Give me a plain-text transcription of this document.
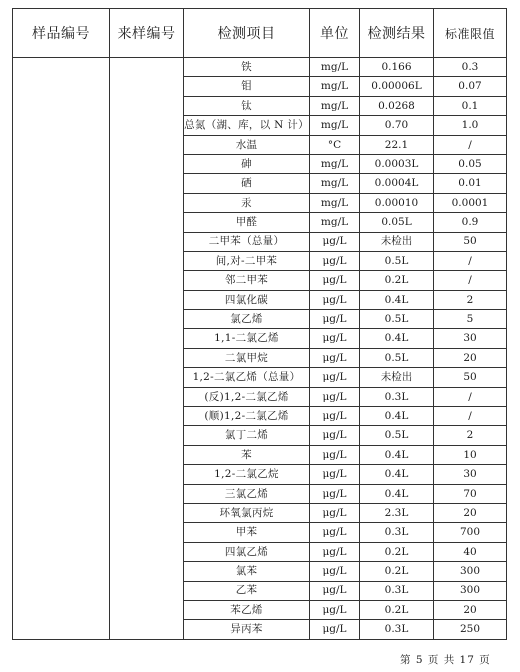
样品编号	来样编号	检测项目	单位	检测结果	标准限值
		铁	mg/L	0.166	0.3
		钼	mg/L	0.00006L	0.07
		钛	mg/L	0.0268	0.1
		总氮（湖、库，以 N 计）	mg/L	0.70	1.0
		水温	°C	22.1	/
		砷	mg/L	0.0003L	0.05
		硒	mg/L	0.0004L	0.01
		汞	mg/L	0.00010	0.0001
		甲醛	mg/L	0.05L	0.9
		二甲苯（总量）	μg/L	未检出	50
		间,对-二甲苯	μg/L	0.5L	/
		邻二甲苯	μg/L	0.2L	/
		四氯化碳	μg/L	0.4L	2
		氯乙烯	μg/L	0.5L	5
		1,1-二氯乙烯	μg/L	0.4L	30
		二氯甲烷	μg/L	0.5L	20
		1,2-二氯乙烯（总量）	μg/L	未检出	50
		(反)1,2-二氯乙烯	μg/L	0.3L	/
		(顺)1,2-二氯乙烯	μg/L	0.4L	/
		氯丁二烯	μg/L	0.5L	2
		苯	μg/L	0.4L	10
		1,2-二氯乙烷	μg/L	0.4L	30
		三氯乙烯	μg/L	0.4L	70
		环氧氯丙烷	μg/L	2.3L	20
		甲苯	μg/L	0.3L	700
		四氯乙烯	μg/L	0.2L	40
		氯苯	μg/L	0.2L	300
		乙苯	μg/L	0.3L	300
		苯乙烯	μg/L	0.2L	20
		异丙苯	μg/L	0.3L	250
第 5 页 共 17 页
